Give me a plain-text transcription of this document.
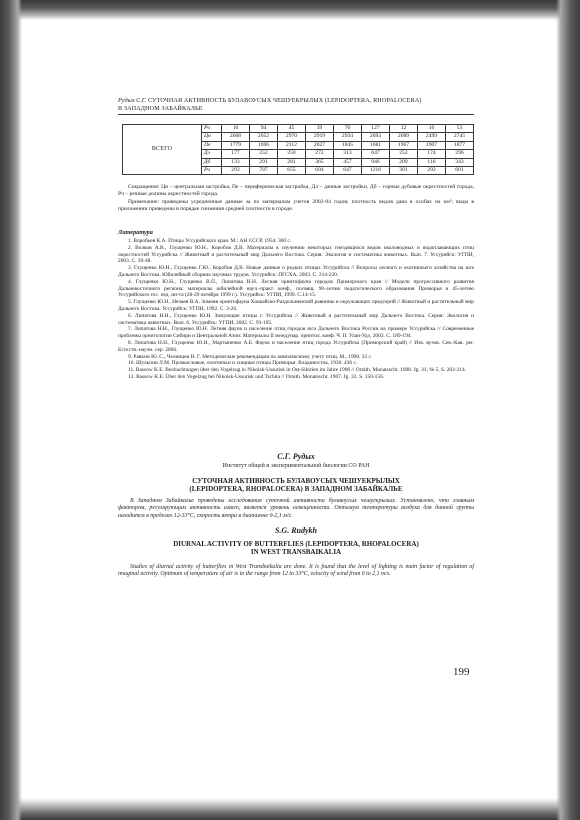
Рудых С.Г. СУТОЧНАЯ АКТИВНОСТЬ БУЛАВОУСЫХ ЧЕШУЕКРЫЛЫХ (LEPIDOPTERA, RHOPALOCERA)
В ЗАПАДНОМ ЗАБАЙКАЛЬЕ
ВСЕГО	Рч	16	94	45	39	76	127	12	16	53
	Цн	2608	2652	2970	2919	2934	2693	2689	2499	2745
	Пе	1779	1696	2112	2027	1845	1681	1967	1907	1877
	Дл	177	252	250	272	313	647	252	174	296
	Дб	133	291	281	365	457	946	209	116	343
	Рч	293	787	655	694	647	1216	301	292	601
Сокращения: Цн – центральная застройка, Пе – периферическая застройка, Дл – дачные застройки, Дб – горные дубовые окрестностей города, Рч – речные долины окрестностей города.
Примечание: приведены усредненные данные за по материалам учетов 2002-04 годов; плотность видов дана в особях на км²; виды в приложении приведены в порядке снижения средней плотности в городе.
Литература
1. Воробьев К.А. Птицы Уссурийского края. М.: АН СССР, 1954. 360 с.
2. Волков А.В., Глущенко Ю.Н., Коробов Д.В. Материалы к изучению некоторых гнездящихся видов околоводных и водоплавающих птиц окрестностей Уссурийска // Животный и растительный мир Дальнего Востока. Серия: Экология и систематика животных. Вып. 7. Уссурийск: УГПИ, 2003. С. 39-48.
3. Глущенко Ю.Н., Глущенко Г.Ю., Коробов Д.В. Новые данные о редких птицах Уссурийска // Вопросы лесного и охотничьего хозяйства на юге Дальнего Востока. Юбилейный сборник научных трудов. Уссурийск: ПГСХА, 2003. С. 214-220.
4. Глущенко Ю.Н., Глущенко В.П., Липатова Н.Н. Лесная орнитофауна городов Приморского края // Модели прогрессивного развития Дальневосточного региона: материалы юбилейной науч.-практ. конф., посвящ. 90-летию педагогического образования Приморья и 45-летию Уссурийского гос. пед. ин-та (28-29 октября 1999 г.). Уссурийск: УГПИ, 1999. С.14-15.
5. Глущенко Ю.Н., Нечаев В.А. Зимняя орнитофауна Ханкайско-Раздольненской равнины и окружающих предгорий // Животный и растительный мир Дальнего Востока. Уссурийск: УГПИ, 1992. С. 3-26.
6. Липатова Н.Н., Глущенко Ю.Н. Зимующие птицы г. Уссурийска // Животный и растительный мир Дальнего Востока. Серия: Экология и систематика животных. Вып. 6. Уссурийск: УГПИ, 2002. С. 93-105.
7. Липатова Н.Н., Глущенко Ю.Н. Летняя фауна и население птиц городов юга Дальнего Востока России на примере Уссурийска // Современные проблемы орнитологии Сибири и Центральной Азии: Материалы II междунар. орнитол. конф. Ч. II. Улан-Удэ, 2003. С. 189-194.
8. Липатова Н.Н., Глущенко Ю.Н., Мартыненко А.Б. Фауна и население птиц города Уссурийска (Приморский край) // Изв. вузов. Сев.-Кав. рег. Естеств.-научн. сер. 2006.
9. Равкин Ю. С., Челинцев Н. Г. Методические рекомендации по комплексному учету птиц. М., 1990. 33 с.
10. Шульпин Л.М. Промысловые, охотничьи и хищные птицы Приморья. Владивосток, 1936. 436 с.
11. Rassow K.E. Beobachtungen über den Vogelzug in Nikolsk-Ussurisk in Ost-Sibirien im Jahre 1906 // Ornith. Monatsschr. 1908. Jg. 31, № 5. S. 202-214.
12. Rassow K.E. Über den Vogelzug bei Nikolsk-Ussurisk und Tschita // Ornith. Monatsschr. 1907. Jg. 32. S. 150-156.
С.Г. Рудых
Институт общей и экспериментальной биологии СО РАН
СУТОЧНАЯ АКТИВНОСТЬ БУЛАВОУСЫХ ЧЕШУЕКРЫЛЫХ
(LEPIDOPTERA, RHOPALOCERA) В ЗАПАДНОМ ЗАБАЙКАЛЬЕ
В Западном Забайкалье проведены исследования суточной активности булавоусых чешуекрылых. Установлено, что главным фактором, регулирующим активность имаго, является уровень освещенности. Оптимум температуры воздуха для данной группы находится в пределах 12-33°С, скорость ветра в диапазоне 0-2,1 м/с.
S.G. Rudykh
DIURNAL ACTIVITY OF BUTTERFLIES (LEPIDOPTERA, RHOPALOCERA)
IN WEST TRANSBAIKALIA
Studies of diurnal activity of butterflies in West Transbaikalia are done. It is found that the level of lighting is main factor of regulation of imaginal activity. Optimum of temperature of air is in the range from 12 to 33°C, velocity of wind from 0 to 2,1 m/s.
199
